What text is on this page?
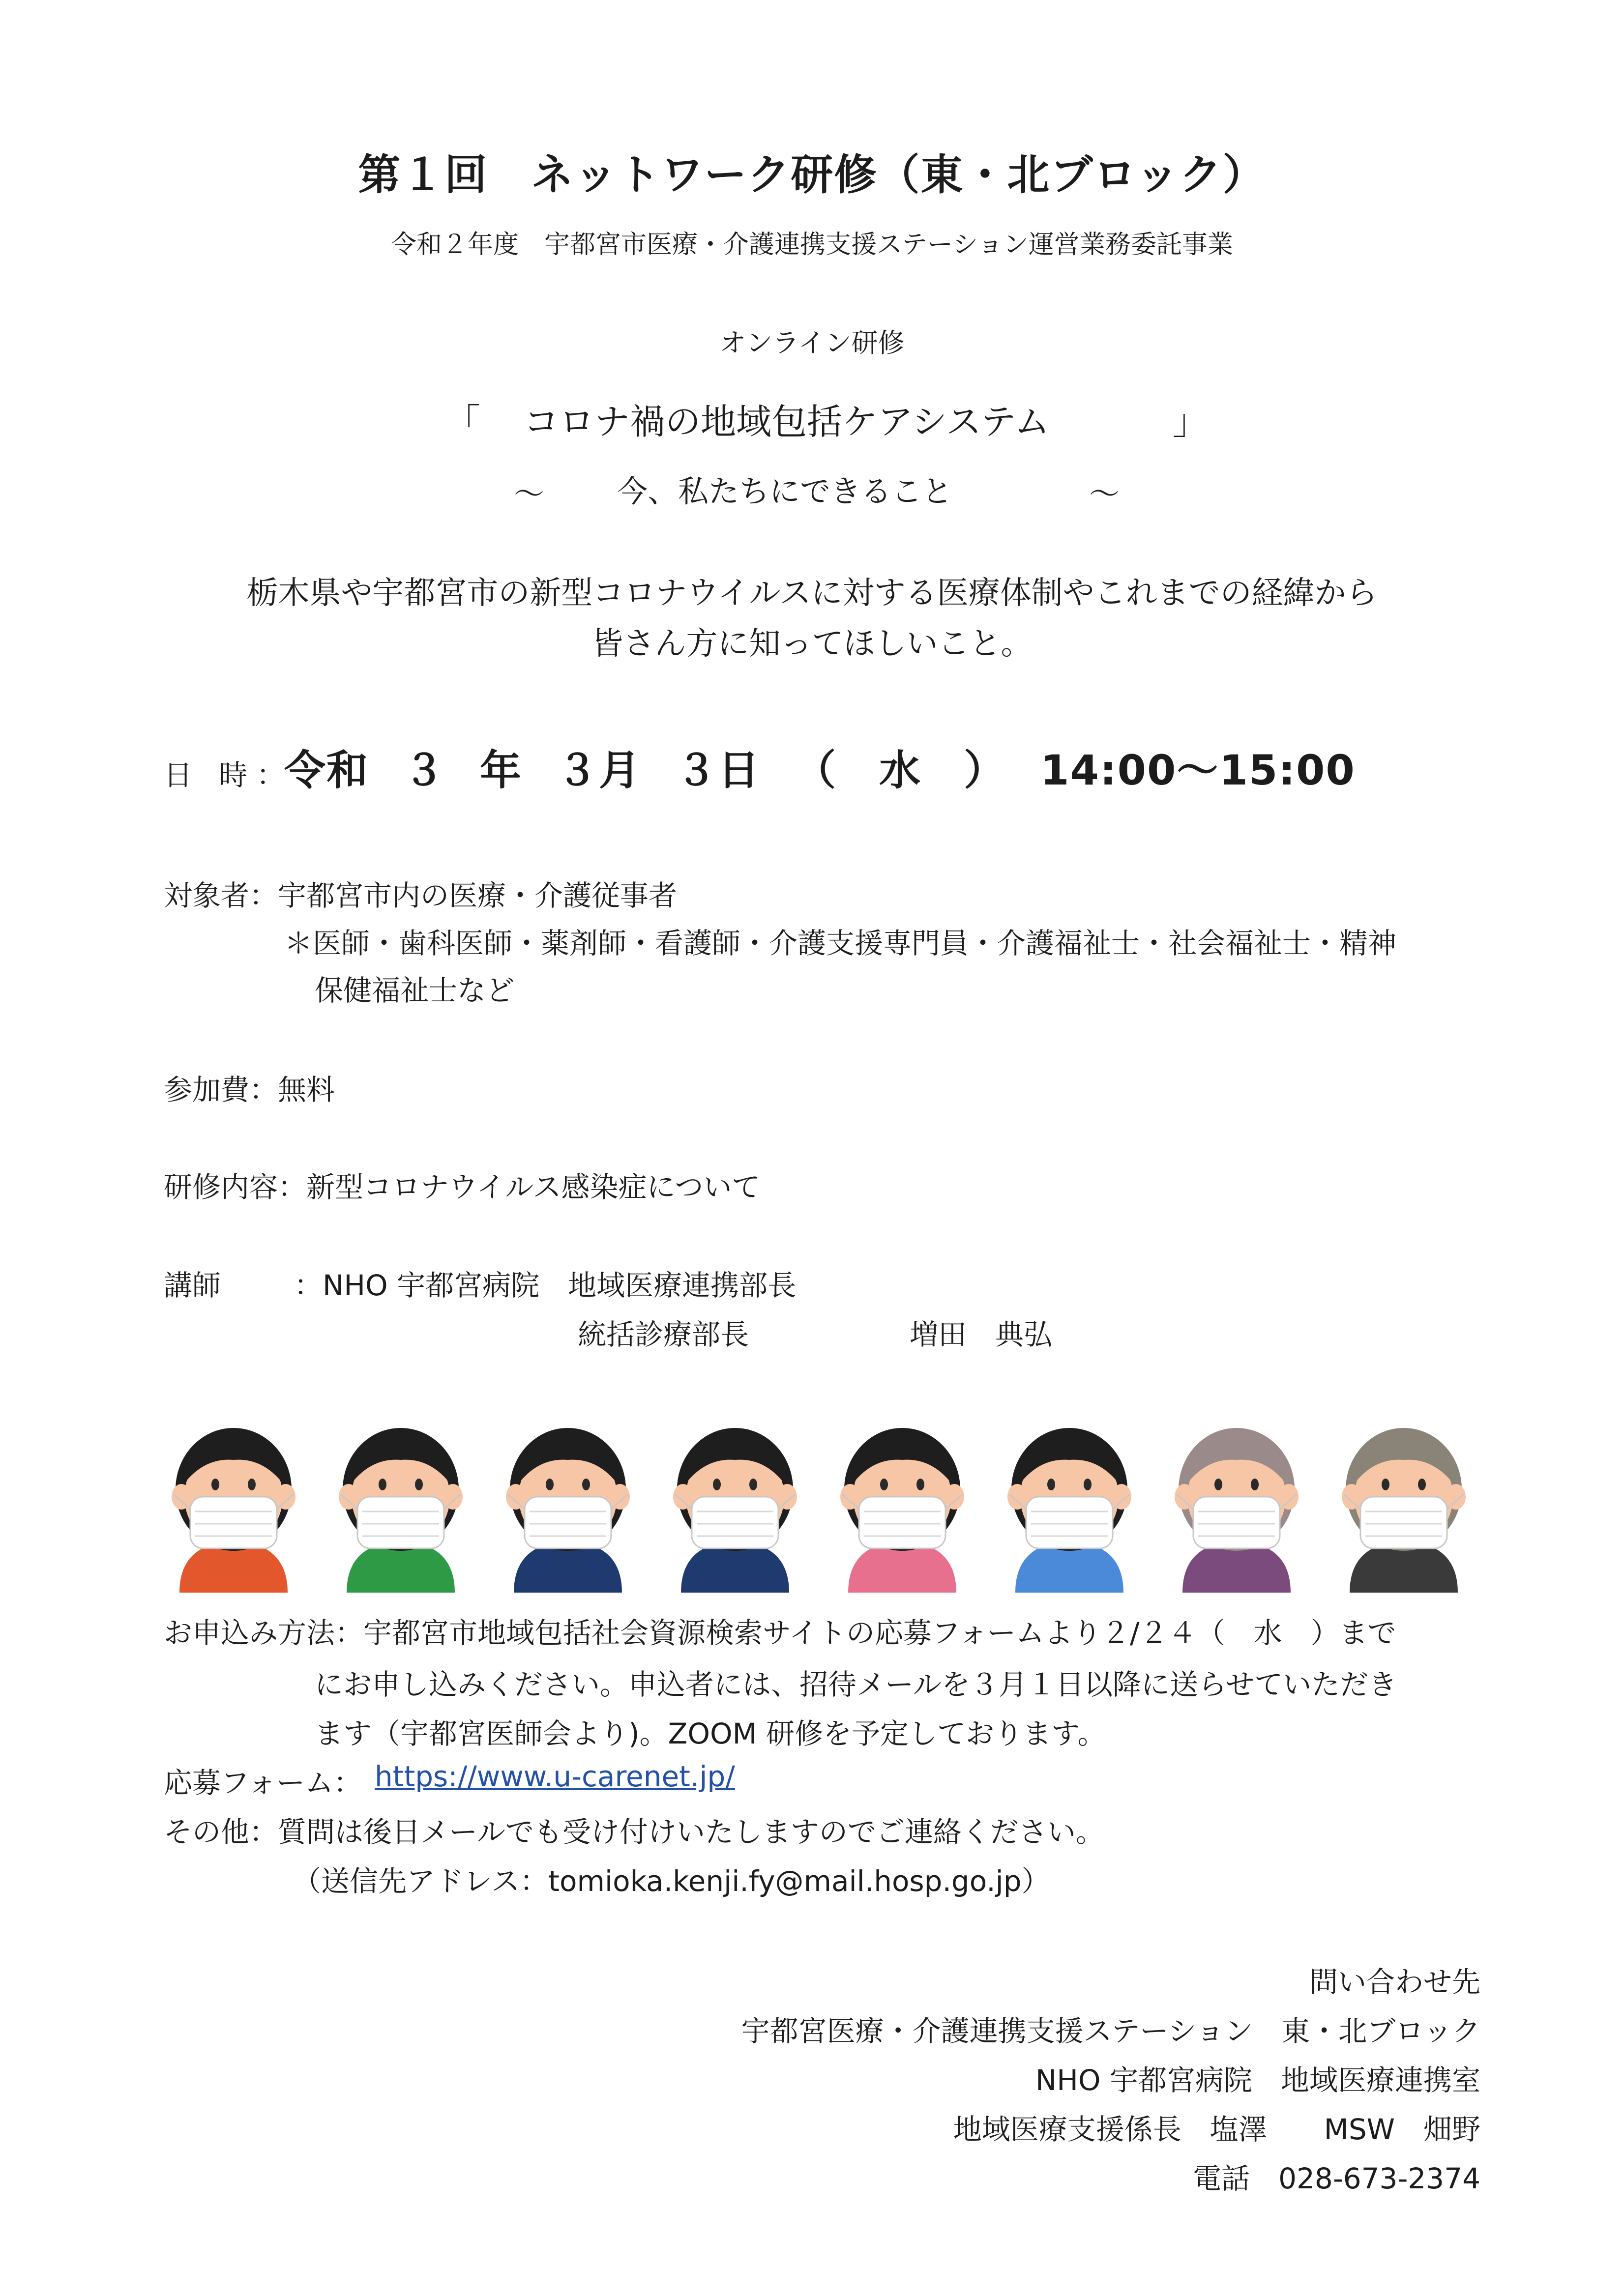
第１回　ネットワーク研修（東・北ブロック）
令和２年度　宇都宮市医療・介護連携支援ステーション運営業務委託事業
オンライン研修
「 コロナ禍の地域包括ケアシステム	」
～ 今、私たちにできること	～
栃木県や宇都宮市の新型コロナウイルスに対する医療体制やこれまでの経緯から
皆さん方に知ってほしいこと。
日 時：
令和 ３ 年 ３月 ３日 （　水　） 14:00～15:00
対象者：宇都宮市内の医療・介護従事者
＊医師・歯科医師・薬剤師・看護師・介護支援専門員・介護福祉士・社会福祉士・精神
保健福祉士など
参加費：無料
研修内容：新型コロナウイルス感染症について
講師	：NHO 宇都宮病院　地域医療連携部長
統括診療部長	増田　典弘
お申込み方法：宇都宮市地域包括社会資源検索サイトの応募フォームより２/２４（　水　）まで
にお申し込みください。申込者には、招待メールを３月１日以降に送らせていただき
ます（宇都宮医師会より)。ZOOM 研修を予定しております。
応募フォーム： https://www.u-carenet.jp/
その他：質問は後日メールでも受け付けいたしますのでご連絡ください。
（送信先アドレス：tomioka.kenji.fy@mail.hosp.go.jp）
問い合わせ先
宇都宮医療・介護連携支援ステーション　東・北ブロック
NHO 宇都宮病院　地域医療連携室
地域医療支援係長　塩澤　　MSW　畑野
電話　028-673-2374
